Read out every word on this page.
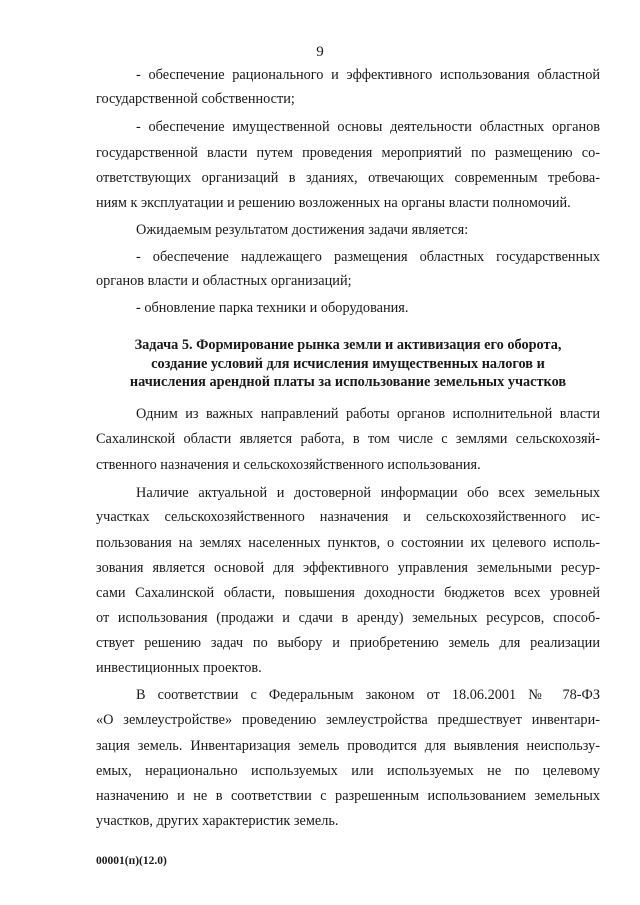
9
- обеспечение рационального и эффективного использования областной
государственной собственности;
- обеспечение имущественной основы деятельности областных органов
государственной власти путем проведения мероприятий по размещению со-
ответствующих организаций в зданиях, отвечающих современным требова-
ниям к эксплуатации и решению возложенных на органы власти полномочий.
Ожидаемым результатом достижения задачи является:
- обеспечение надлежащего размещения областных государственных
органов власти и областных организаций;
- обновление парка техники и оборудования.
Задача 5. Формирование рынка земли и активизация его оборота,
создание условий для исчисления имущественных налогов и
начисления арендной платы за использование земельных участков
Одним из важных направлений работы органов исполнительной власти
Сахалинской области является работа, в том числе с землями сельскохозяй-
ственного назначения и сельскохозяйственного использования.
Наличие актуальной и достоверной информации обо всех земельных
участках сельскохозяйственного назначения и сельскохозяйственного ис-
пользования на землях населенных пунктов, о состоянии их целевого исполь-
зования является основой для эффективного управления земельными ресур-
сами Сахалинской области, повышения доходности бюджетов всех уровней
от использования (продажи и сдачи в аренду) земельных ресурсов, способ-
ствует решению задач по выбору и приобретению земель для реализации
инвестиционных проектов.
В соответствии с Федеральным законом от 18.06.2001 № 78-ФЗ
«О землеустройстве» проведению землеустройства предшествует инвентари-
зация земель. Инвентаризация земель проводится для выявления неиспользу-
емых, нерационально используемых или используемых не по целевому
назначению и не в соответствии с разрешенным использованием земельных
участков, других характеристик земель.
00001(п)(12.0)
